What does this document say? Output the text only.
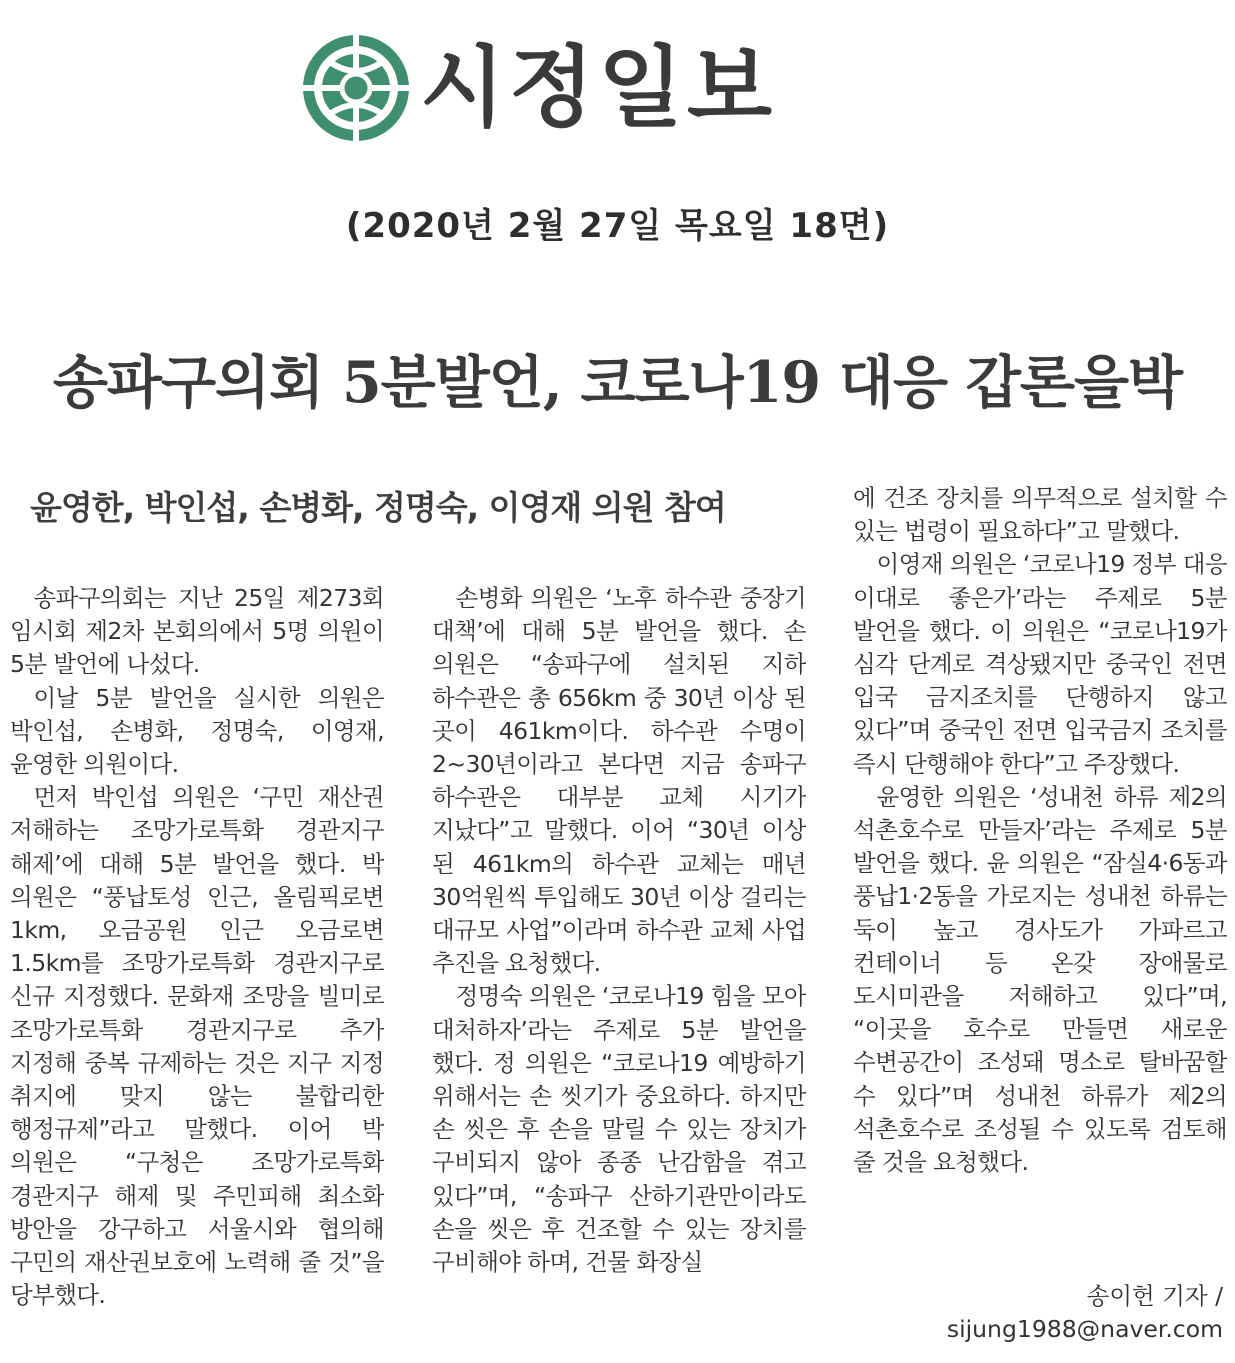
시정일보
(2020년 2월 27일 목요일 18면)
송파구의회 5분발언, 코로나19 대응 갑론을박
윤영한, 박인섭, 손병화, 정명숙, 이영재 의원 참여

송파구의회는 지난 25일 제273회 임시회 제2차 본회의에서 5명 의원이 5분 발언에 나섰다.

이날 5분 발언을 실시한 의원은 박인섭, 손병화, 정명숙, 이영재, 윤영한 의원이다.

먼저 박인섭 의원은 ‘구민 재산권 저해하는 조망가로특화 경관지구 해제’에 대해 5분 발언을 했다. 박 의원은 “풍납토성 인근, 올림픽로변 1km, 오금공원 인근 오금로변 1.5km를 조망가로특화 경관지구로 신규 지정했다. 문화재 조망을 빌미로 조망가로특화 경관지구로 추가 지정해 중복 규제하는 것은 지구 지정 취지에 맞지 않는 불합리한 행정규제”라고 말했다. 이어 박 의원은 “구청은 조망가로특화 경관지구 해제 및 주민피해 최소화 방안을 강구하고 서울시와 협의해 구민의 재산권보호에 노력해 줄 것”을 당부했다.

손병화 의원은 ‘노후 하수관 중장기 대책’에 대해 5분 발언을 했다. 손 의원은 “송파구에 설치된 지하 하수관은 총 656km 중 30년 이상 된 곳이 461km이다. 하수관 수명이 2~30년이라고 본다면 지금 송파구 하수관은 대부분 교체 시기가 지났다”고 말했다. 이어 “30년 이상 된 461km의 하수관 교체는 매년 30억원씩 투입해도 30년 이상 걸리는 대규모 사업”이라며 하수관 교체 사업 추진을 요청했다.

정명숙 의원은 ‘코로나19 힘을 모아 대처하자’라는 주제로 5분 발언을 했다. 정 의원은 “코로나19 예방하기 위해서는 손 씻기가 중요하다. 하지만 손 씻은 후 손을 말릴 수 있는 장치가 구비되지 않아 종종 난감함을 겪고 있다”며, “송파구 산하기관만이라도 손을 씻은 후 건조할 수 있는 장치를 구비해야 하며, 건물 화장실

에 건조 장치를 의무적으로 설치할 수 있는 법령이 필요하다”고 말했다.

이영재 의원은 ‘코로나19 정부 대응 이대로 좋은가’라는 주제로 5분 발언을 했다. 이 의원은 “코로나19가 심각 단계로 격상됐지만 중국인 전면 입국 금지조치를 단행하지 않고 있다”며 중국인 전면 입국금지 조치를 즉시 단행해야 한다”고 주장했다.

윤영한 의원은 ‘성내천 하류 제2의 석촌호수로 만들자’라는 주제로 5분 발언을 했다. 윤 의원은 “잠실4·6동과 풍납1·2동을 가로지는 성내천 하류는 둑이 높고 경사도가 가파르고 컨테이너 등 온갖 장애물로 도시미관을 저해하고 있다”며, “이곳을 호수로 만들면 새로운 수변공간이 조성돼 명소로 탈바꿈할 수 있다”며 성내천 하류가 제2의 석촌호수로 조성될 수 있도록 검토해 줄 것을 요청했다.

송이헌 기자 /
sijung1988@naver.com
